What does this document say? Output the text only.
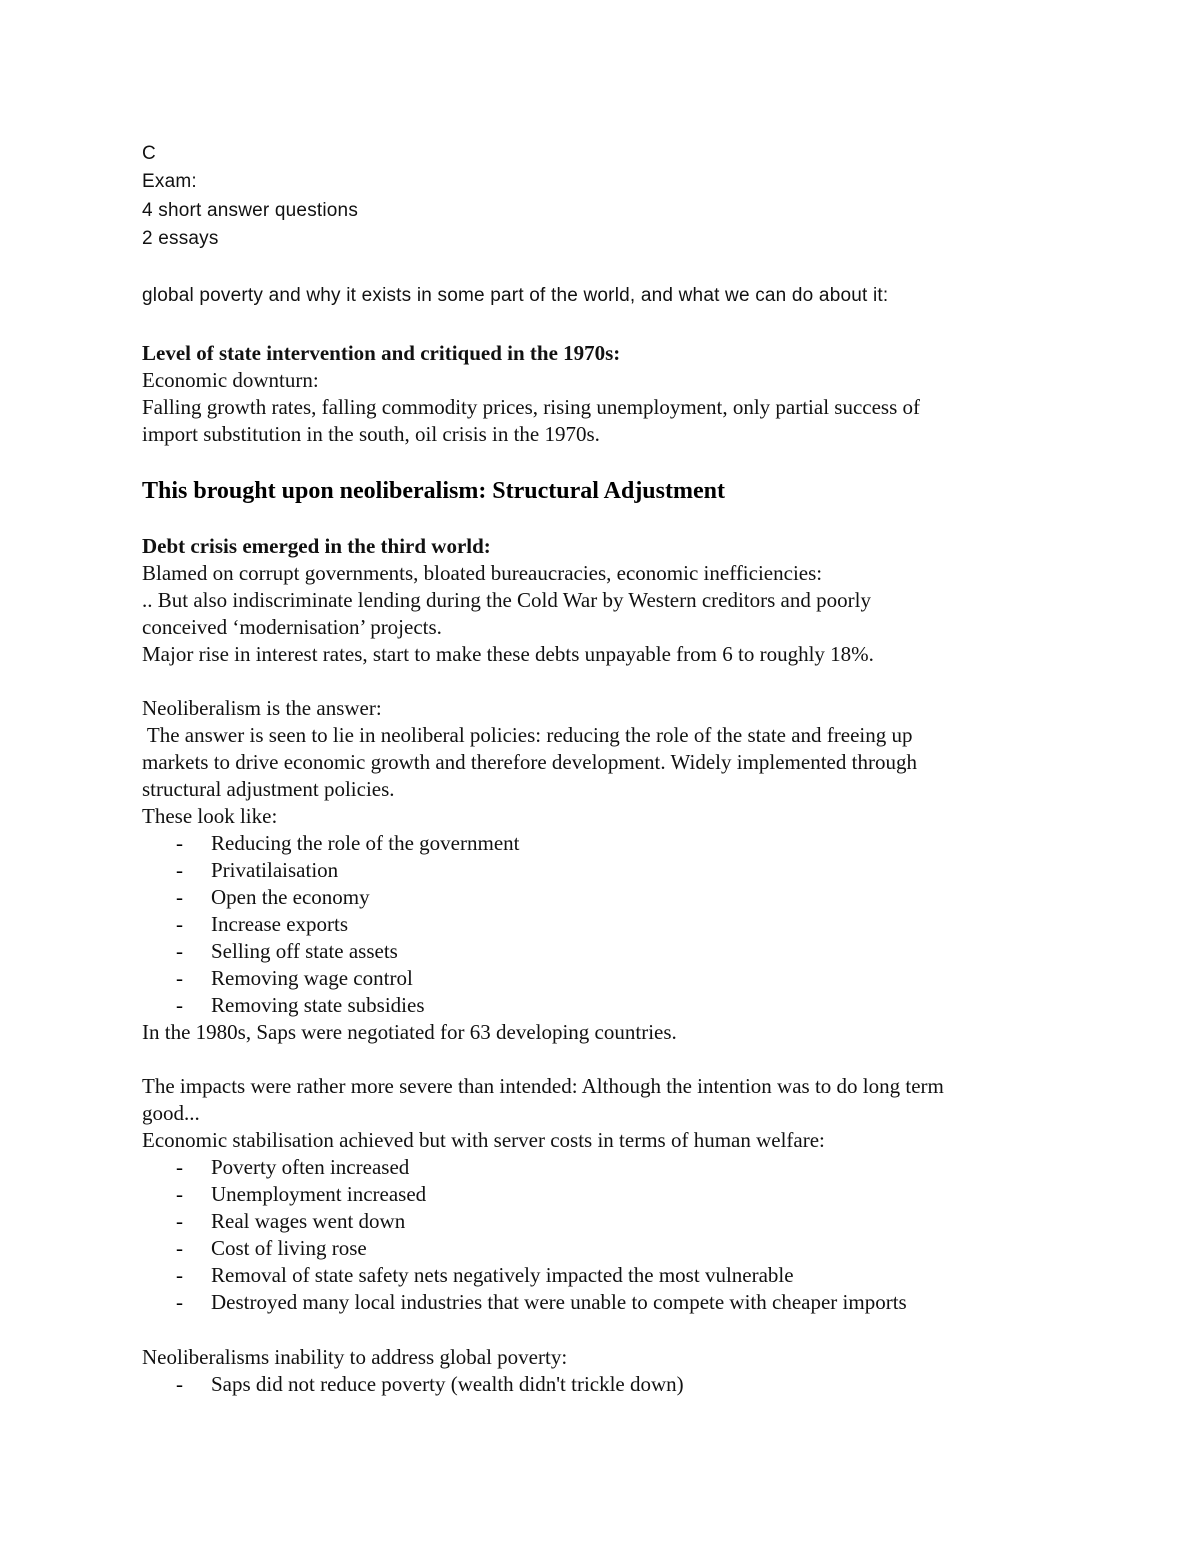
C
Exam:
4 short answer questions
2 essays
global poverty and why it exists in some part of the world, and what we can do about it:
Level of state intervention and critiqued in the 1970s:
Economic downturn:
Falling growth rates, falling commodity prices, rising unemployment, only partial success of
import substitution in the south, oil crisis in the 1970s.
This brought upon neoliberalism: Structural Adjustment
Debt crisis emerged in the third world:
Blamed on corrupt governments, bloated bureaucracies, economic inefficiencies:
.. But also indiscriminate lending during the Cold War by Western creditors and poorly
conceived ‘modernisation’ projects.
Major rise in interest rates, start to make these debts unpayable from 6 to roughly 18%.
Neoliberalism is the answer:
The answer is seen to lie in neoliberal policies: reducing the role of the state and freeing up
markets to drive economic growth and therefore development. Widely implemented through
structural adjustment policies.
These look like:
- Reducing the role of the government
- Privatilaisation
- Open the economy
- Increase exports
- Selling off state assets
- Removing wage control
- Removing state subsidies
In the 1980s, Saps were negotiated for 63 developing countries.
The impacts were rather more severe than intended: Although the intention was to do long term
good...
Economic stabilisation achieved but with server costs in terms of human welfare:
- Poverty often increased
- Unemployment increased
- Real wages went down
- Cost of living rose
- Removal of state safety nets negatively impacted the most vulnerable
- Destroyed many local industries that were unable to compete with cheaper imports
Neoliberalisms inability to address global poverty:
- Saps did not reduce poverty (wealth didn't trickle down)
